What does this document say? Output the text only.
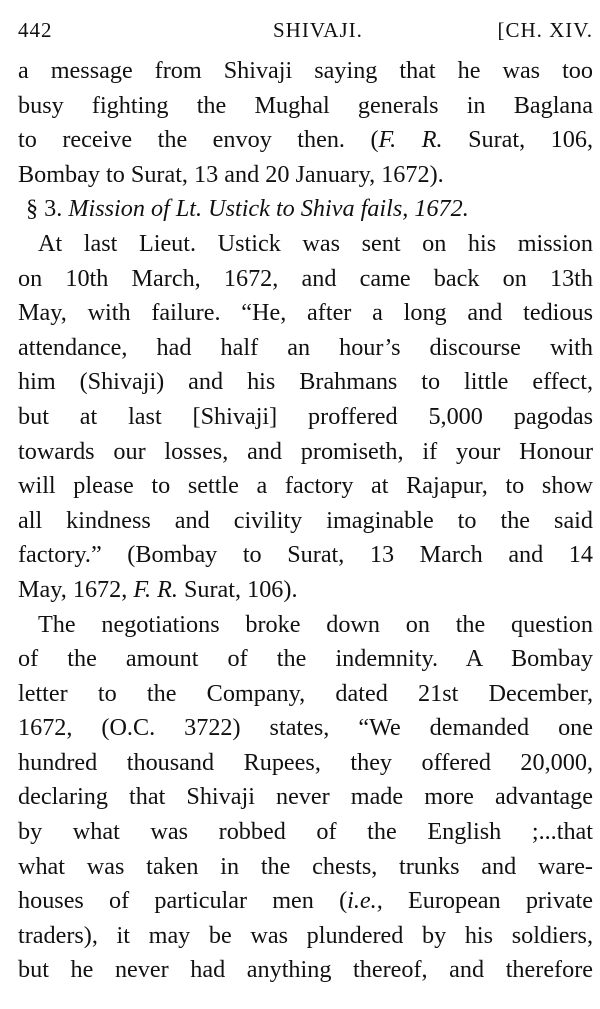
442	SHIVAJI.	[CH. XIV.
a message from Shivaji saying that he was too
busy fighting the Mughal generals in Baglana
to receive the envoy then. (F. R. Surat, 106,
Bombay to Surat, 13 and 20 January, 1672).
§ 3. Mission of Lt. Ustick to Shiva fails, 1672.
At last Lieut. Ustick was sent on his mission
on 10th March, 1672, and came back on 13th
May, with failure. “He, after a long and tedious
attendance, had half an hour’s discourse with
him (Shivaji) and his Brahmans to little effect,
but at last [Shivaji] proffered 5,000 pagodas
towards our losses, and promiseth, if your Honour
will please to settle a factory at Rajapur, to show
all kindness and civility imaginable to the said
factory.” (Bombay to Surat, 13 March and 14
May, 1672, F. R. Surat, 106).
The negotiations broke down on the question
of the amount of the indemnity. A Bombay
letter to the Company, dated 21st December,
1672, (O.C. 3722) states, “We demanded one
hundred thousand Rupees, they offered 20,000,
declaring that Shivaji never made more advantage
by what was robbed of the English ;...that
what was taken in the chests, trunks and ware-
houses of particular men (i.e., European private
traders), it may be was plundered by his soldiers,
but he never had anything thereof, and therefore
